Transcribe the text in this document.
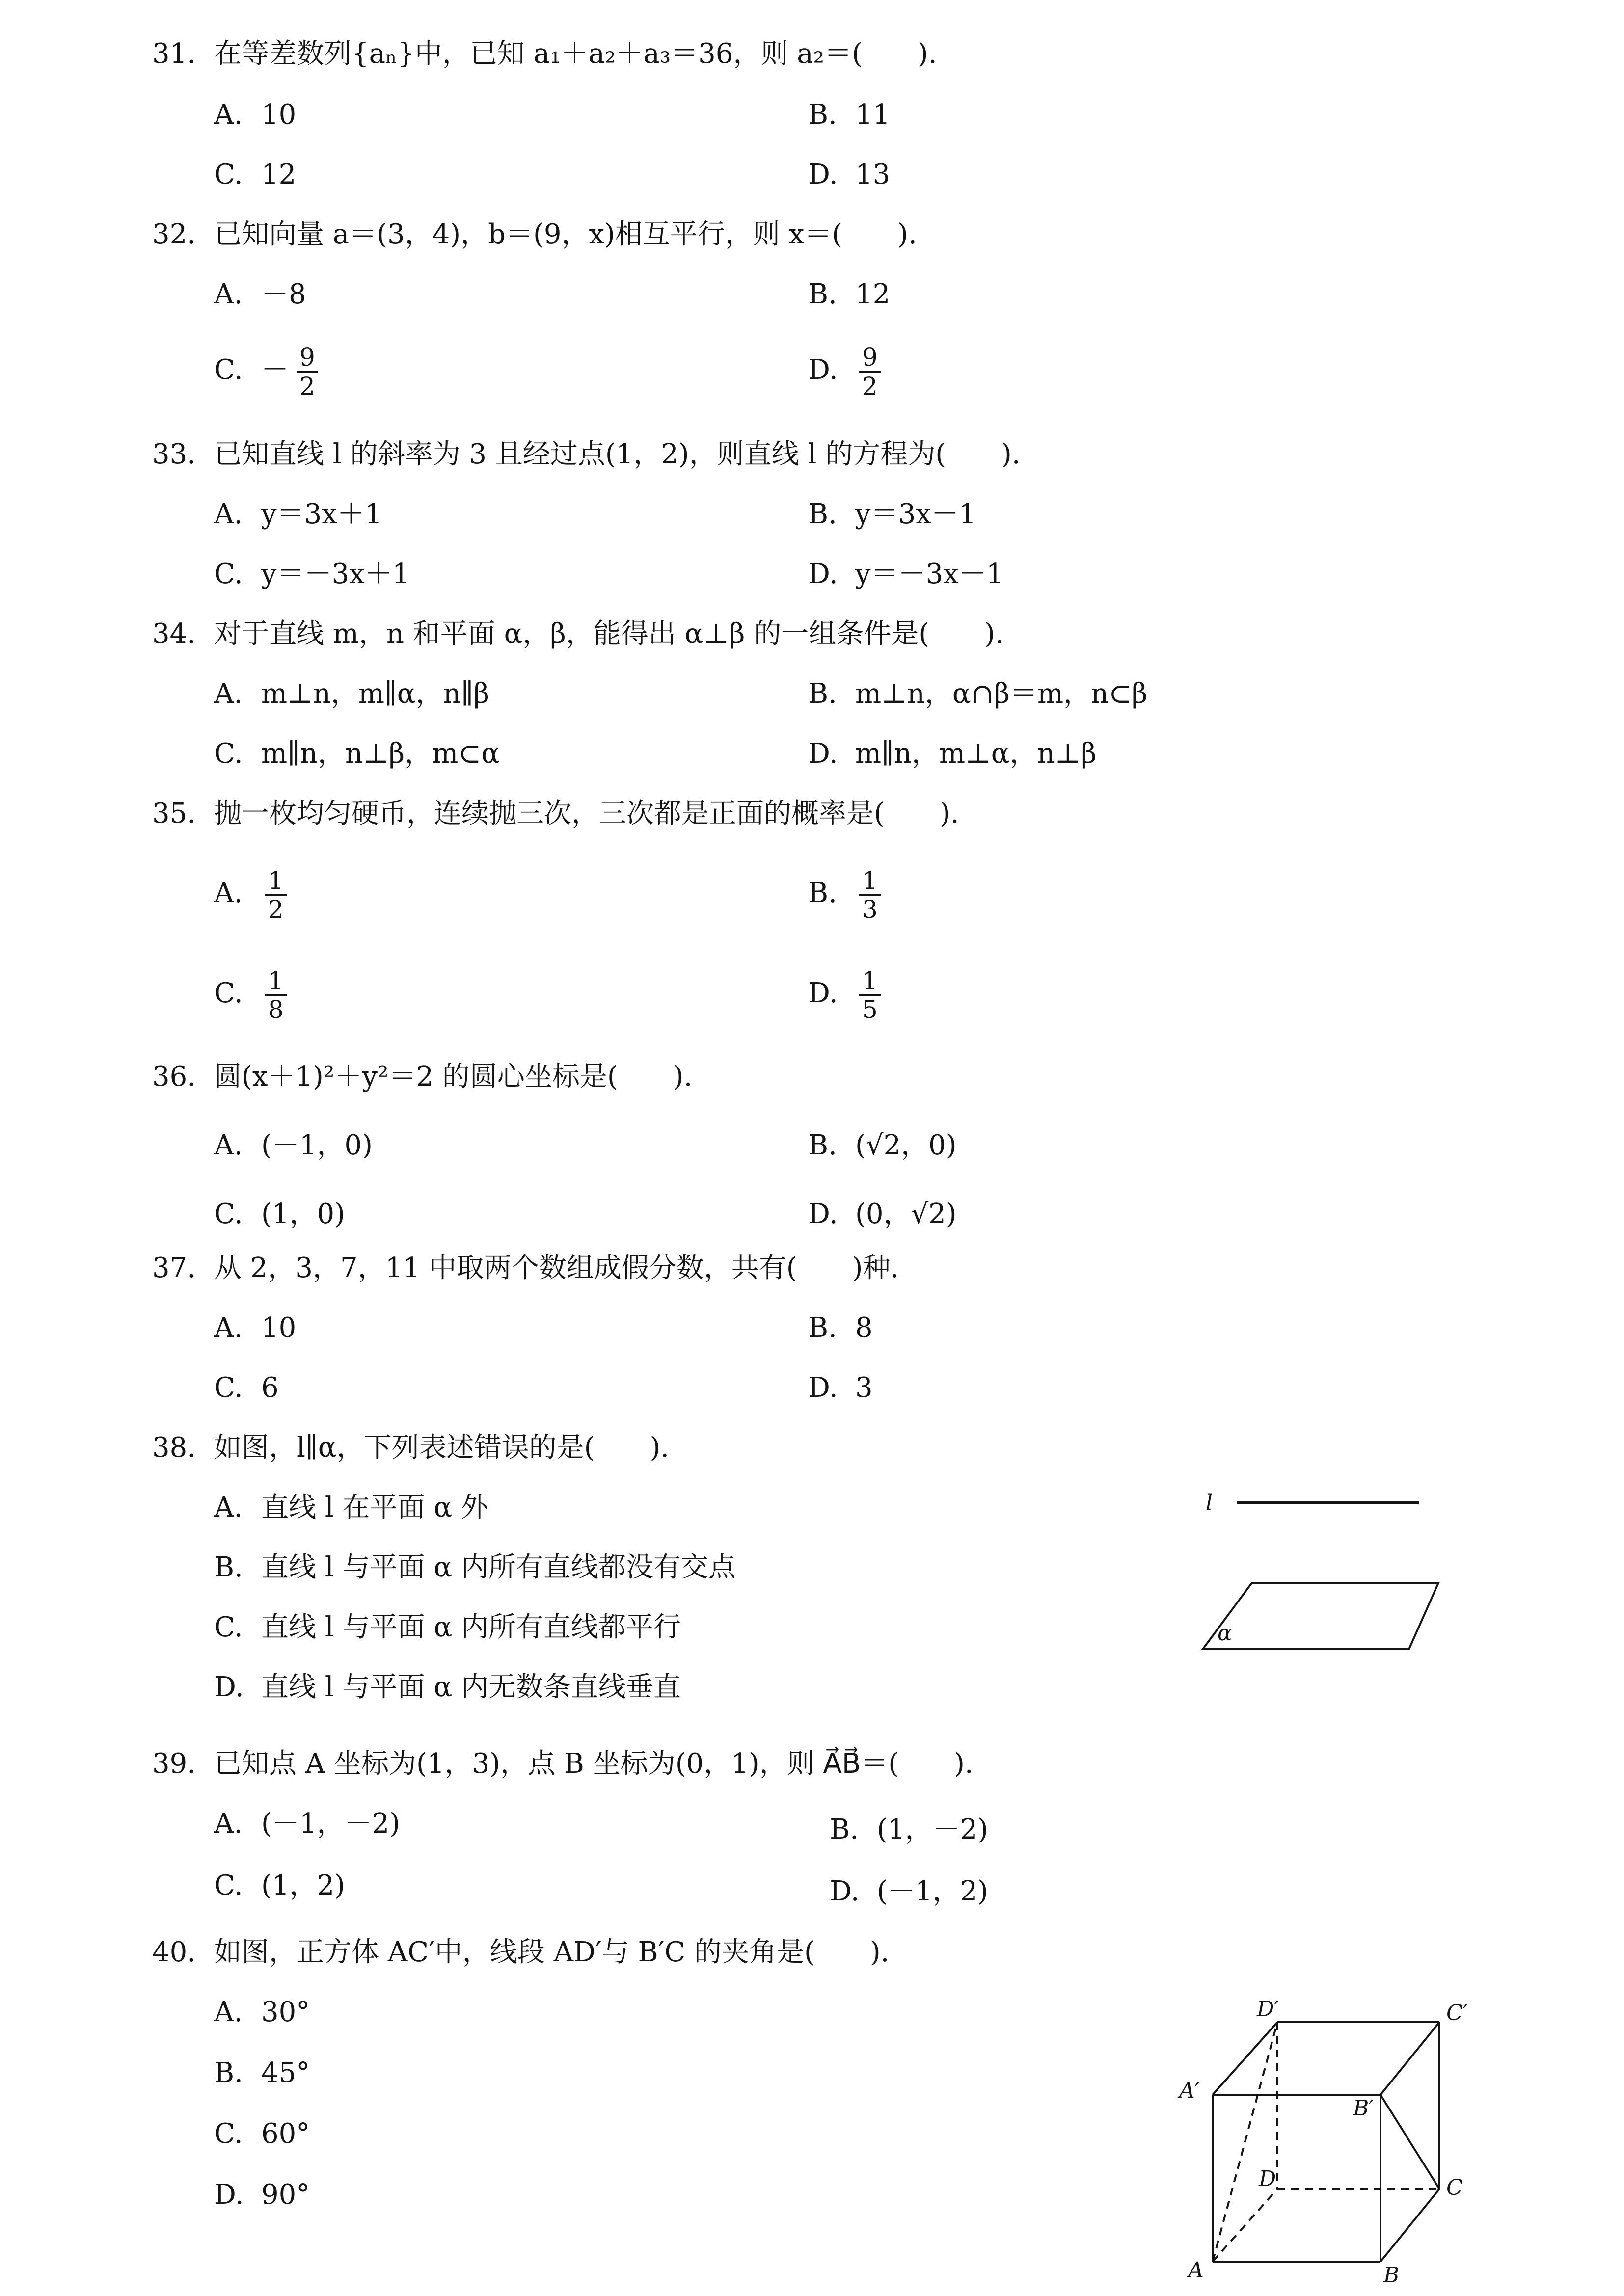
31. 在等差数列{aₙ}中，已知 a₁＋a₂＋a₃＝36，则 a₂＝(　　).
A. 10	B. 11
C. 12	D. 13
32. 已知向量 a＝(3，4)，b＝(9，x)相互平行，则 x＝(　　).
A. －8	B. 12
C. － $\frac{9}{2}$	D. $\frac{9}{2}$
33. 已知直线 l 的斜率为 3 且经过点(1，2)，则直线 l 的方程为(　　).
A. y＝3x＋1	B. y＝3x－1
C. y＝－3x＋1	D. y＝－3x－1
34. 对于直线 m，n 和平面 α，β，能得出 α⊥β 的一组条件是(　　).
A. m⊥n，m∥α，n∥β	B. m⊥n，α∩β＝m，n⊂β
C. m∥n，n⊥β，m⊂α	D. m∥n，m⊥α，n⊥β
35. 抛一枚均匀硬币，连续抛三次，三次都是正面的概率是(　　).
A. $\frac{1}{2}$	B. $\frac{1}{3}$
C. $\frac{1}{8}$	D. $\frac{1}{5}$
36. 圆(x＋1)²＋y²＝2 的圆心坐标是(　　).
A. (－1，0)	B. (√2，0)
C. (1，0)	D. (0，√2)
37. 从 2，3，7，11 中取两个数组成假分数，共有(　　)种.
A. 10	B. 8
C. 6	D. 3
38. 如图，l∥α，下列表述错误的是(　　).
A. 直线 l 在平面 α 外
B. 直线 l 与平面 α 内所有直线都没有交点
C. 直线 l 与平面 α 内所有直线都平行
D. 直线 l 与平面 α 内无数条直线垂直
l
α
39. 已知点 A 坐标为(1，3)，点 B 坐标为(0，1)，则 A⃗B⃗＝(　　).
A. (－1，－2)	B. (1，－2)
C. (1，2)	D. (－1，2)
40. 如图，正方体 AC′中，线段 AD′与 B′C 的夹角是(　　).
A. 30°
B. 45°
C. 60°
D. 90°
D′	C′
A′
B′
D	C
A	B
